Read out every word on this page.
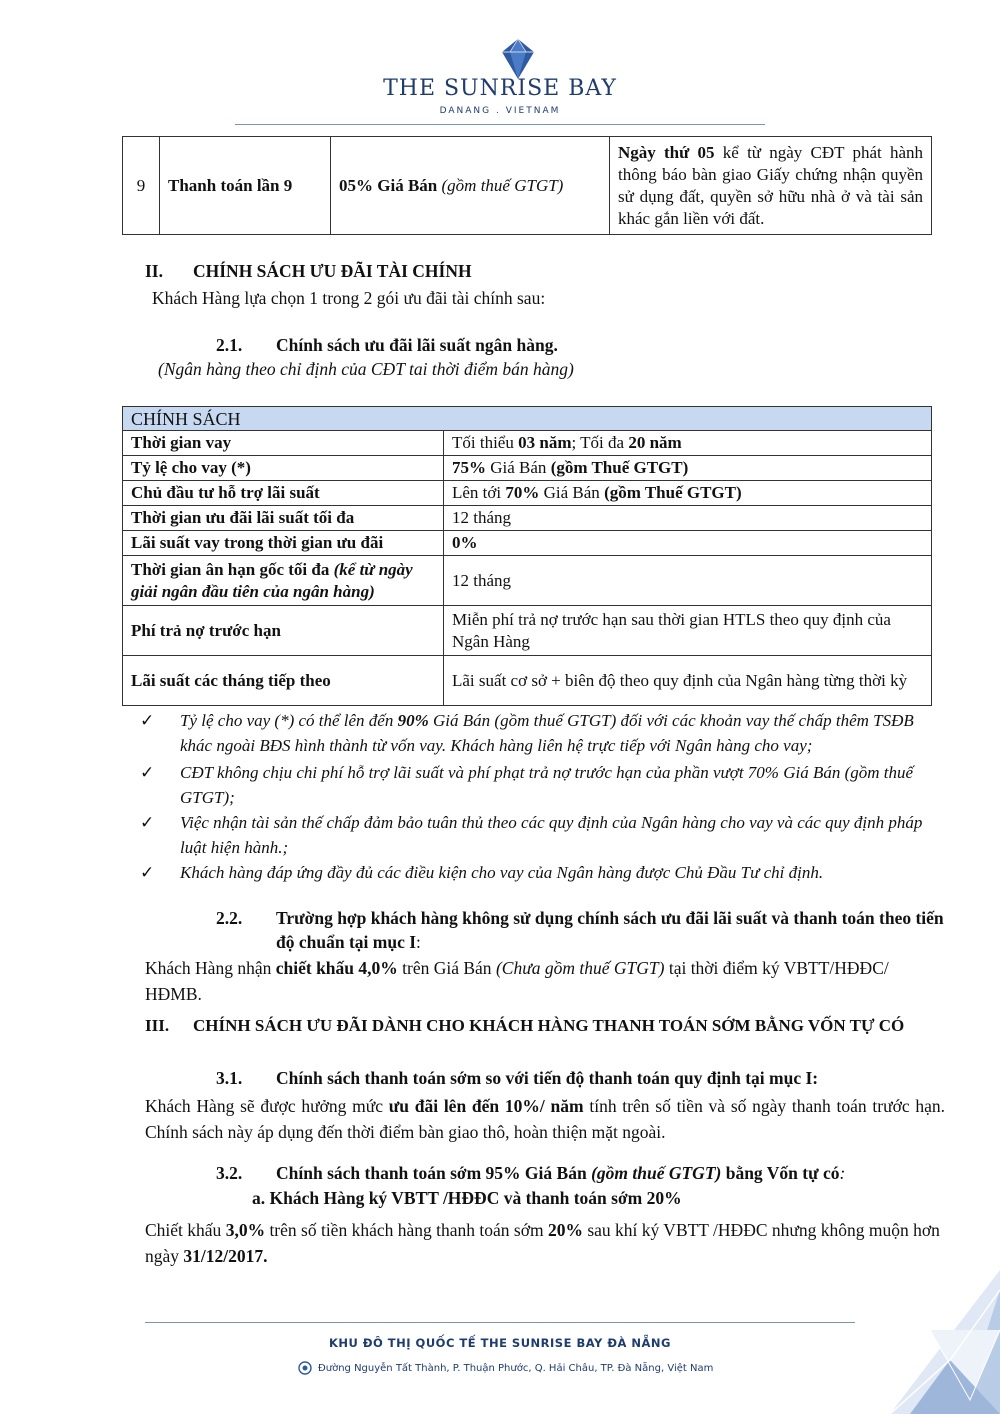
THE SUNRISE BAY
DANANG . VIETNAM
9	Thanh toán lần 9	05% Giá Bán (gồm thuế GTGT)	Ngày thứ 05 kể từ ngày CĐT phát hành thông báo bàn giao Giấy chứng nhận quyền sử dụng đất, quyền sở hữu nhà ở và tài sản khác gắn liền với đất.
II. CHÍNH SÁCH ƯU ĐÃI TÀI CHÍNH
Khách Hàng lựa chọn 1 trong 2 gói ưu đãi tài chính sau:
2.1. Chính sách ưu đãi lãi suất ngân hàng.
(Ngân hàng theo chỉ định của CĐT tai thời điểm bán hàng)
CHÍNH SÁCH	
Thời gian vay	Tối thiểu 03 năm; Tối đa 20 năm
Tỷ lệ cho vay (*)	75% Giá Bán (gồm Thuế GTGT)
Chủ đầu tư hỗ trợ lãi suất	Lên tới 70% Giá Bán (gồm Thuế GTGT)
Thời gian ưu đãi lãi suất tối đa	12 tháng
Lãi suất vay trong thời gian ưu đãi	0%
Thời gian ân hạn gốc tối đa (kể từ ngày giải ngân đầu tiên của ngân hàng)	12 tháng
Phí trả nợ trước hạn	Miễn phí trả nợ trước hạn sau thời gian HTLS theo quy định của Ngân Hàng
Lãi suất các tháng tiếp theo	Lãi suất cơ sở + biên độ theo quy định của Ngân hàng từng thời kỳ
✓ Tỷ lệ cho vay (*) có thể lên đến 90% Giá Bán (gồm thuế GTGT) đối với các khoản vay thế chấp thêm TSĐB khác ngoài BĐS hình thành từ vốn vay. Khách hàng liên hệ trực tiếp với Ngân hàng cho vay;
✓ CĐT không chịu chi phí hỗ trợ lãi suất và phí phạt trả nợ trước hạn của phần vượt 70% Giá Bán (gồm thuế GTGT);
✓ Việc nhận tài sản thế chấp đảm bảo tuân thủ theo các quy định của Ngân hàng cho vay và các quy định pháp luật hiện hành.;
✓ Khách hàng đáp ứng đầy đủ các điều kiện cho vay của Ngân hàng được Chủ Đầu Tư chỉ định.
2.2. Trường hợp khách hàng không sử dụng chính sách ưu đãi lãi suất và thanh toán theo tiến độ chuẩn tại mục I:
Khách Hàng nhận chiết khấu 4,0% trên Giá Bán (Chưa gồm thuế GTGT) tại thời điểm ký VBTT/HĐĐC/ HĐMB.
III. CHÍNH SÁCH ƯU ĐÃI DÀNH CHO KHÁCH HÀNG THANH TOÁN SỚM BẰNG VỐN TỰ CÓ
3.1. Chính sách thanh toán sớm so với tiến độ thanh toán quy định tại mục I:
Khách Hàng sẽ được hưởng mức ưu đãi lên đến 10%/ năm tính trên số tiền và số ngày thanh toán trước hạn. Chính sách này áp dụng đến thời điểm bàn giao thô, hoàn thiện mặt ngoài.
3.2. Chính sách thanh toán sớm 95% Giá Bán (gồm thuế GTGT) bằng Vốn tự có:
a. Khách Hàng ký VBTT /HĐĐC và thanh toán sớm 20%
Chiết khấu 3,0% trên số tiền khách hàng thanh toán sớm 20% sau khí ký VBTT /HĐĐC nhưng không muộn hơn ngày 31/12/2017.
KHU ĐÔ THỊ QUỐC TẾ THE SUNRISE BAY ĐÀ NẴNG
Đường Nguyễn Tất Thành, P. Thuận Phước, Q. Hải Châu, TP. Đà Nẵng, Việt Nam
